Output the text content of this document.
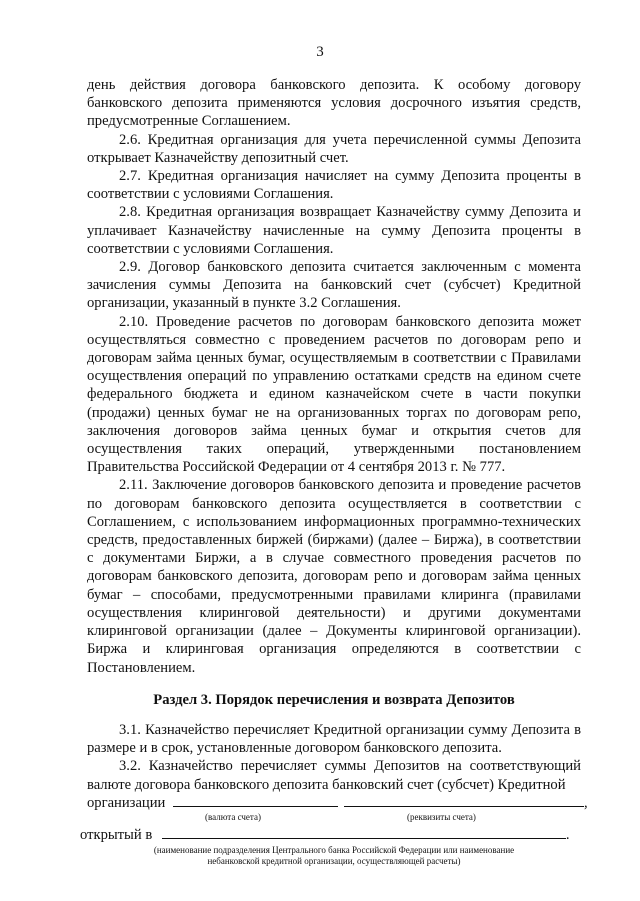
3

день действия договора банковского депозита. К особому договору банковского депозита применяются условия досрочного изъятия средств, предусмотренные Соглашением.

2.6. Кредитная организация для учета перечисленной суммы Депозита открывает Казначейству депозитный счет.

2.7. Кредитная организация начисляет на сумму Депозита проценты в соответствии с условиями Соглашения.

2.8. Кредитная организация возвращает Казначейству сумму Депозита и уплачивает Казначейству начисленные на сумму Депозита проценты в соответствии с условиями Соглашения.

2.9. Договор банковского депозита считается заключенным с момента зачисления суммы Депозита на банковский счет (субсчет) Кредитной организации, указанный в пункте 3.2 Соглашения.

2.10. Проведение расчетов по договорам банковского депозита может осуществляться совместно с проведением расчетов по договорам репо и договорам займа ценных бумаг, осуществляемым в соответствии с Правилами осуществления операций по управлению остатками средств на едином счете федерального бюджета и едином казначейском счете в части покупки (продажи) ценных бумаг не на организованных торгах по договорам репо, заключения договоров займа ценных бумаг и открытия счетов для осуществления таких операций, утвержденными постановлением Правительства Российской Федерации от 4 сентября 2013 г. № 777.

2.11. Заключение договоров банковского депозита и проведение расчетов по договорам банковского депозита осуществляется в соответствии с Соглашением, с использованием информационных программно-технических средств, предоставленных биржей (биржами) (далее – Биржа), в соответствии с документами Биржи, а в случае совместного проведения расчетов по договорам банковского депозита, договорам репо и договорам займа ценных бумаг – способами, предусмотренными правилами клиринга (правилами осуществления клиринговой деятельности) и другими документами клиринговой организации (далее – Документы клиринговой организации). Биржа и клиринговая организация определяются в соответствии с Постановлением.

Раздел 3. Порядок перечисления и возврата Депозитов

3.1. Казначейство перечисляет Кредитной организации сумму Депозита в размере и в срок, установленные договором банковского депозита.

3.2. Казначейство перечисляет суммы Депозитов на соответствующий валюте договора банковского депозита банковский счет (субсчет) Кредитной

организации	,
(валюта счета)	(реквизиты счета)
открытый в	.
(наименование подразделения Центрального банка Российской Федерации или наименование
небанковской кредитной организации, осуществляющей расчеты)
